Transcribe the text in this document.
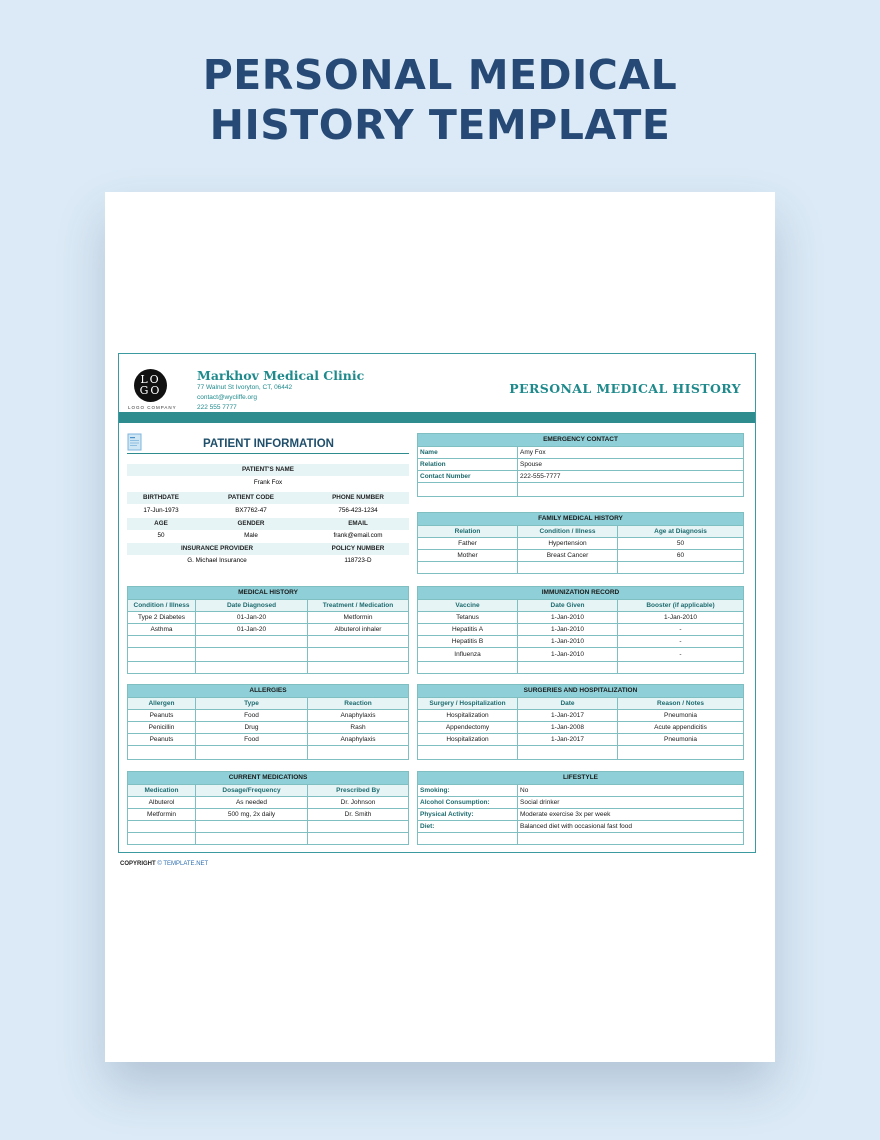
PERSONAL MEDICAL
HISTORY TEMPLATE
LO
GO
LOGO COMPANY
Markhov Medical Clinic
77 Walnut St Ivoryton, CT, 06442
contact@wycliffe.org
222 555 7777
PERSONAL MEDICAL HISTORY
PATIENT INFORMATION
PATIENT'S NAME
Frank Fox
BIRTHDATE	PATIENT CODE	PHONE NUMBER
17-Jun-1973	BX7762-47	756-423-1234
AGE	GENDER	EMAIL
50	Male	frank@email.com
INSURANCE PROVIDER	POLICY NUMBER
G. Michael Insurance	118723-D
EMERGENCY CONTACT	
Name	Amy Fox
Relation	Spouse
Contact Number	222-555-7777

FAMILY MEDICAL HISTORY		
Relation	Condition / Illness	Age at Diagnosis
Father	Hypertension	50
Mother	Breast Cancer	60

MEDICAL HISTORY		
Condition / Illness	Date Diagnosed	Treatment / Medication
Type 2 Diabetes	01-Jan-20	Metformin
Asthma	01-Jan-20	Albuterol inhaler

IMMUNIZATION RECORD		
Vaccine	Date Given	Booster (if applicable)
Tetanus	1-Jan-2010	1-Jan-2010
Hepatitis A	1-Jan-2010	-
Hepatitis B	1-Jan-2010	-
Influenza	1-Jan-2010	-

ALLERGIES		
Allergen	Type	Reaction
Peanuts	Food	Anaphylaxis
Penicillin	Drug	Rash
Peanuts	Food	Anaphylaxis

SURGERIES AND HOSPITALIZATION		
Surgery / Hospitalization	Date	Reason / Notes
Hospitalization	1-Jan-2017	Pneumonia
Appendectomy	1-Jan-2008	Acute appendicitis
Hospitalization	1-Jan-2017	Pneumonia

CURRENT MEDICATIONS		
Medication	Dosage/Frequency	Prescribed By
Albuterol	As needed	Dr. Johnson
Metformin	500 mg, 2x daily	Dr. Smith

LIFESTYLE	
Smoking:	No
Alcohol Consumption:	Social drinker
Physical Activity:	Moderate exercise 3x per week
Diet:	Balanced diet with occasional fast food

COPYRIGHT © TEMPLATE.NET
